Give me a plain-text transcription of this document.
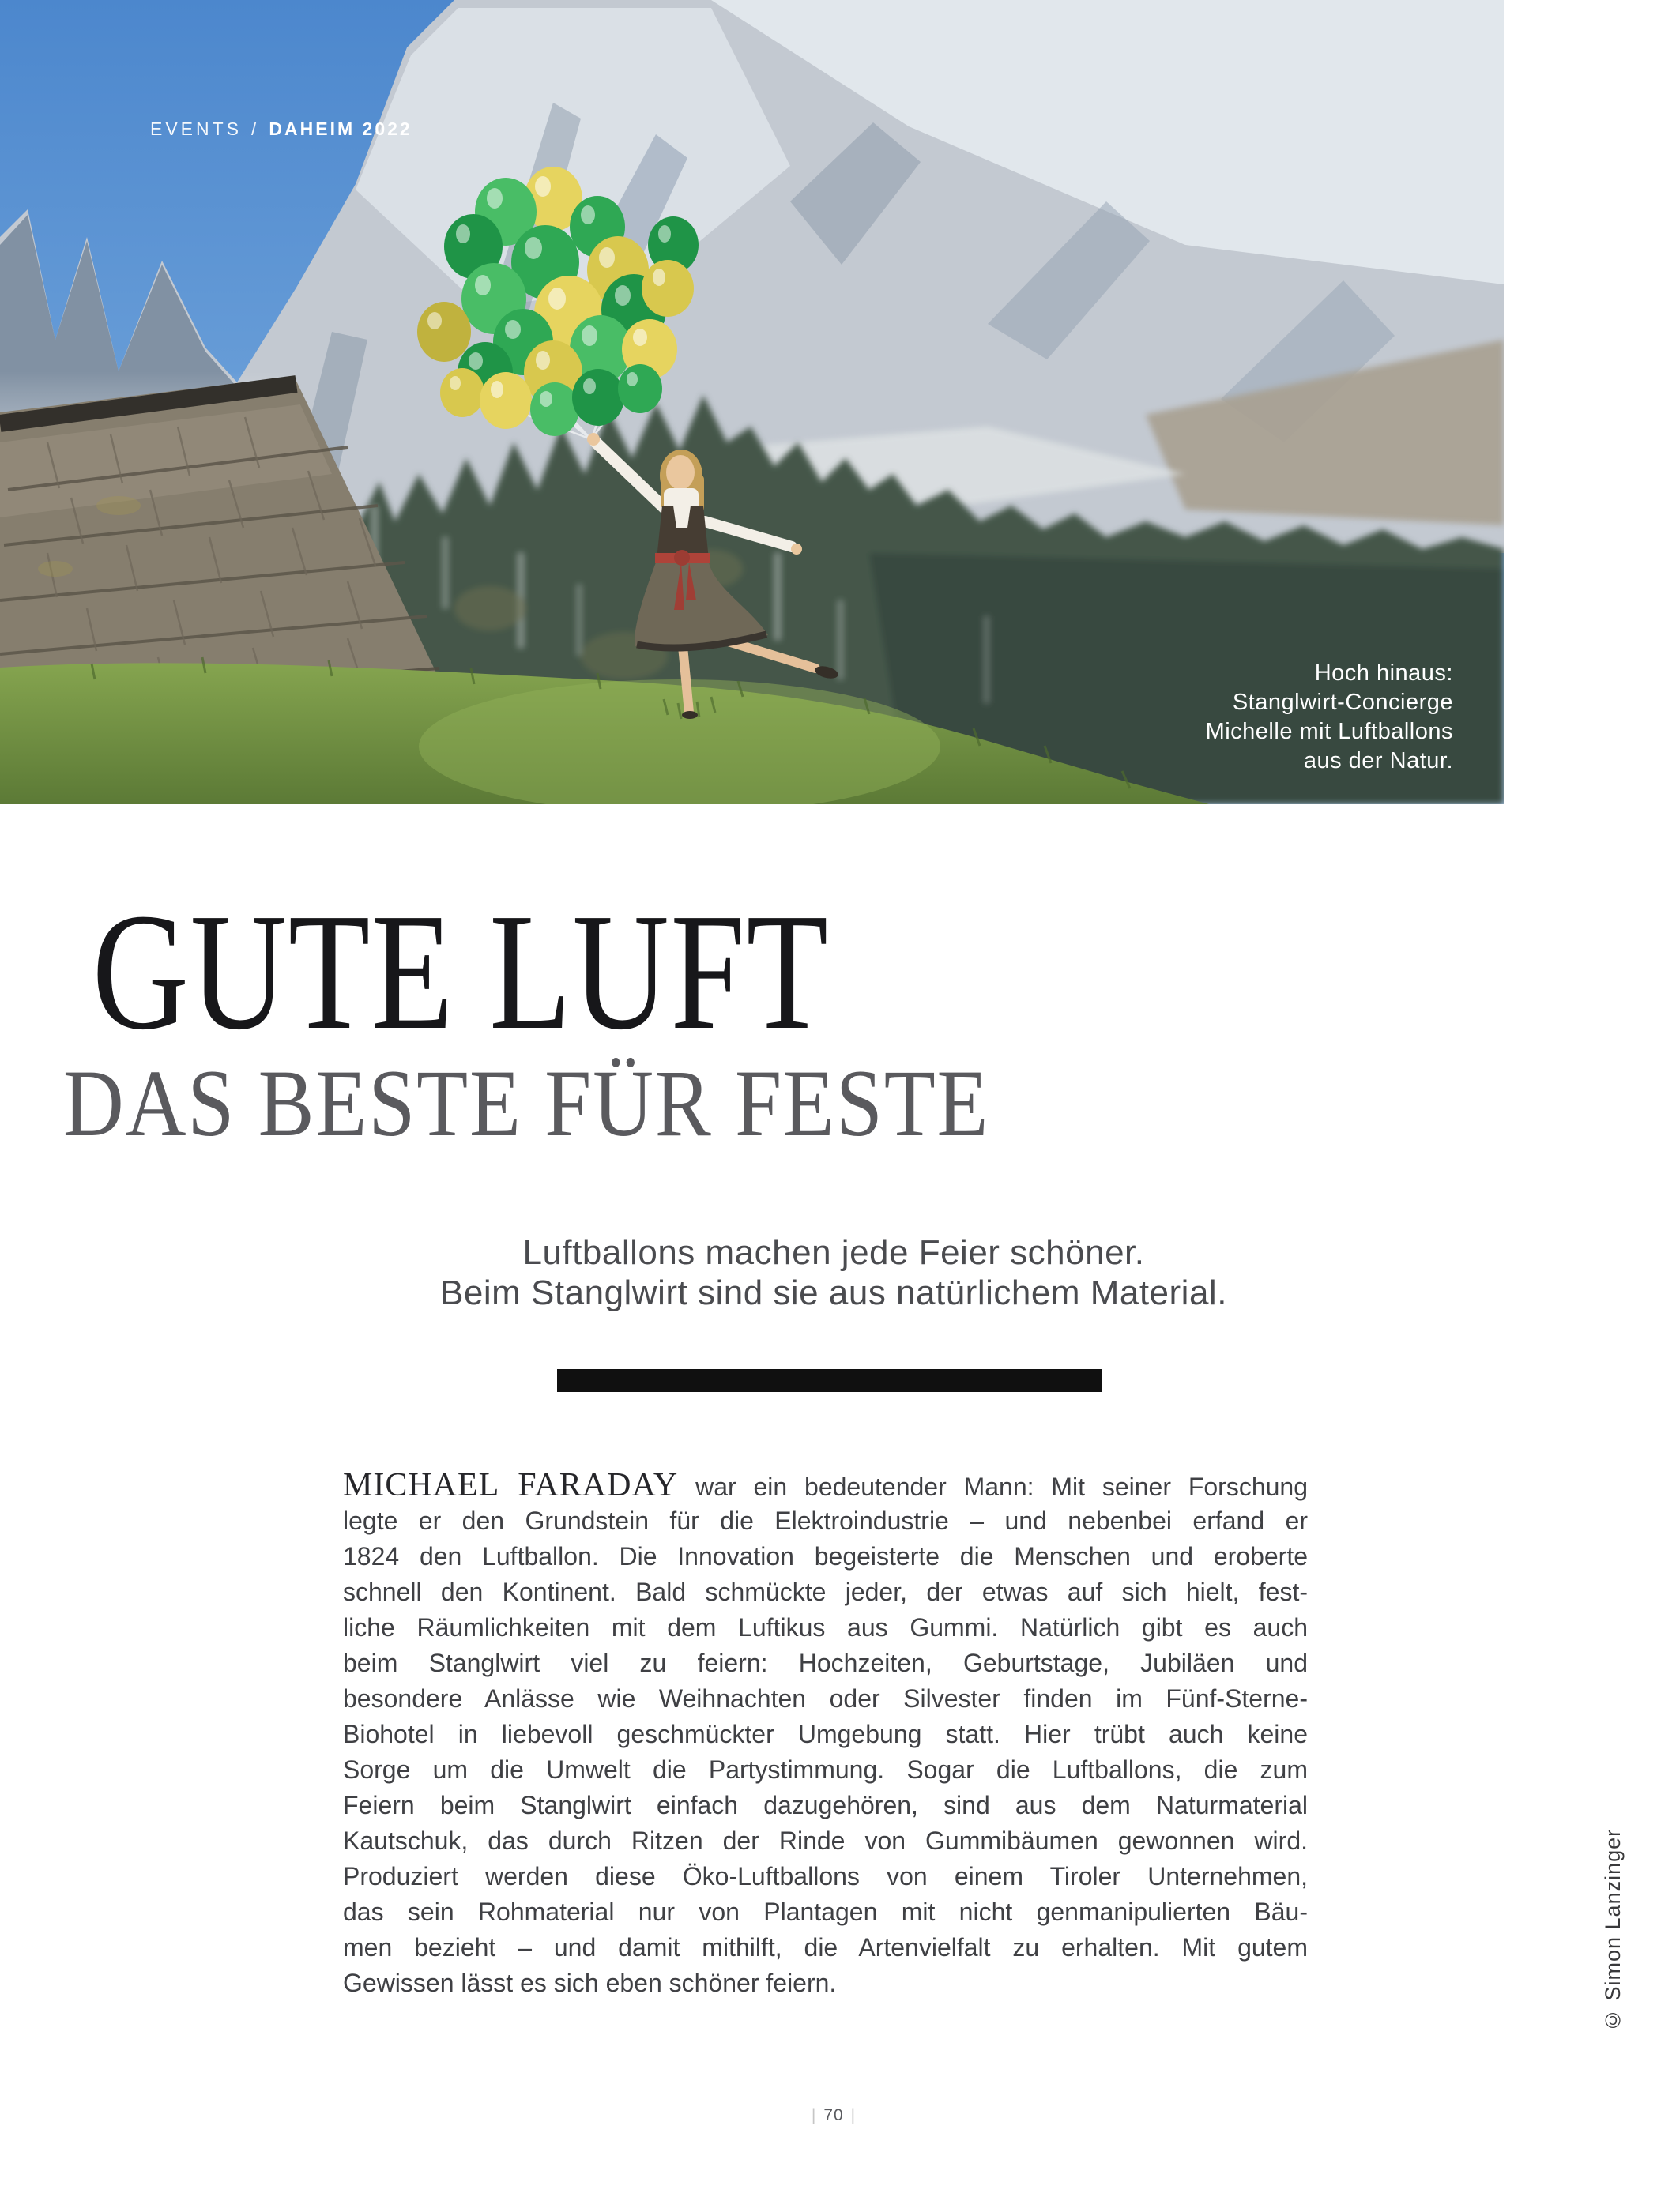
EVENTS / DAHEIM 2022
Hoch hinaus:
Stanglwirt-Concierge
Michelle mit Luftballons
aus der Natur.
GUTE LUFT
DAS BESTE FÜR FESTE

Luftballons machen jede Feier schöner.
Beim Stanglwirt sind sie aus natürlichem Material.

MICHAEL FARADAY war ein bedeutender Mann: Mit seiner Forschung
legte er den Grundstein für die Elektroindustrie – und nebenbei erfand er
1824 den Luftballon. Die Innovation begeisterte die Menschen und eroberte
schnell den Kontinent. Bald schmückte jeder, der etwas auf sich hielt, fest-
liche Räumlichkeiten mit dem Luftikus aus Gummi. Natürlich gibt es auch
beim Stanglwirt viel zu feiern: Hochzeiten, Geburtstage, Jubiläen und
besondere Anlässe wie Weihnachten oder Silvester finden im Fünf-Sterne-
Biohotel in liebevoll geschmückter Umgebung statt. Hier trübt auch keine
Sorge um die Umwelt die Partystimmung. Sogar die Luftballons, die zum
Feiern beim Stanglwirt einfach dazugehören, sind aus dem Naturmaterial
Kautschuk, das durch Ritzen der Rinde von Gummibäumen gewonnen wird.
Produziert werden diese Öko-Luftballons von einem Tiroler Unternehmen,
das sein Rohmaterial nur von Plantagen mit nicht genmanipulierten Bäu-
men bezieht – und damit mithilft, die Artenvielfalt zu erhalten. Mit gutem
Gewissen lässt es sich eben schöner feiern.	© Simon Lanzinger
| 70 |
